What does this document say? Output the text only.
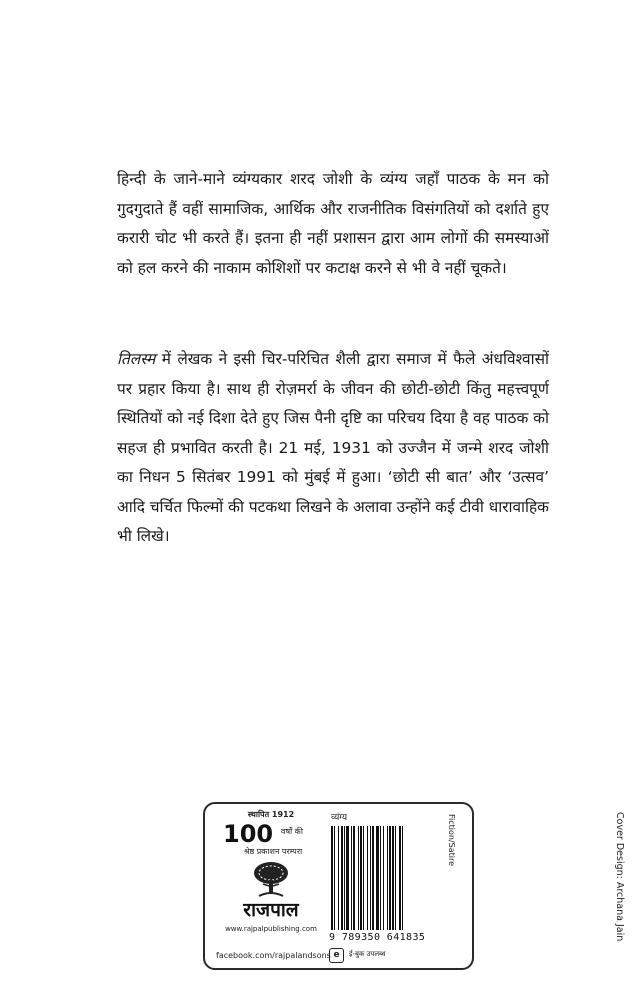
हिन्दी के जाने-माने व्यंग्यकार शरद जोशी के व्यंग्य जहाँ पाठक के मन को गुदगुदाते हैं वहीं सामाजिक, आर्थिक और राजनीतिक विसंगतियों को दर्शाते हुए करारी चोट भी करते हैं। इतना ही नहीं प्रशासन द्वारा आम लोगों की समस्याओं को हल करने की नाकाम कोशिशों पर कटाक्ष करने से भी वे नहीं चूकते।

तिलस्म में लेखक ने इसी चिर-परिचित शैली द्वारा समाज में फैले अंधविश्वासों पर प्रहार किया है। साथ ही रोज़मर्रा के जीवन की छोटी-छोटी किंतु महत्त्वपूर्ण स्थितियों को नई दिशा देते हुए जिस पैनी दृष्टि का परिचय दिया है वह पाठक को सहज ही प्रभावित करती है। 21 मई, 1931 को उज्जैन में जन्मे शरद जोशी का निधन 5 सितंबर 1991 को मुंबई में हुआ। ‘छोटी सी बात’ और ‘उत्सव’ आदि चर्चित फिल्मों की पटकथा लिखने के अलावा उन्होंने कई टीवी धारावाहिक भी लिखे।

स्थापित 1912
100 वर्षों की
श्रेष्ठ प्रकाशन परम्परा
राजपाल
www.rajpalpublishing.com
facebook.com/rajpalandsons
व्यंग्य
9 789350 641835
e	ई-बुक उपलब्ध
Fiction/Satire	Cover Design: Archana Jain
